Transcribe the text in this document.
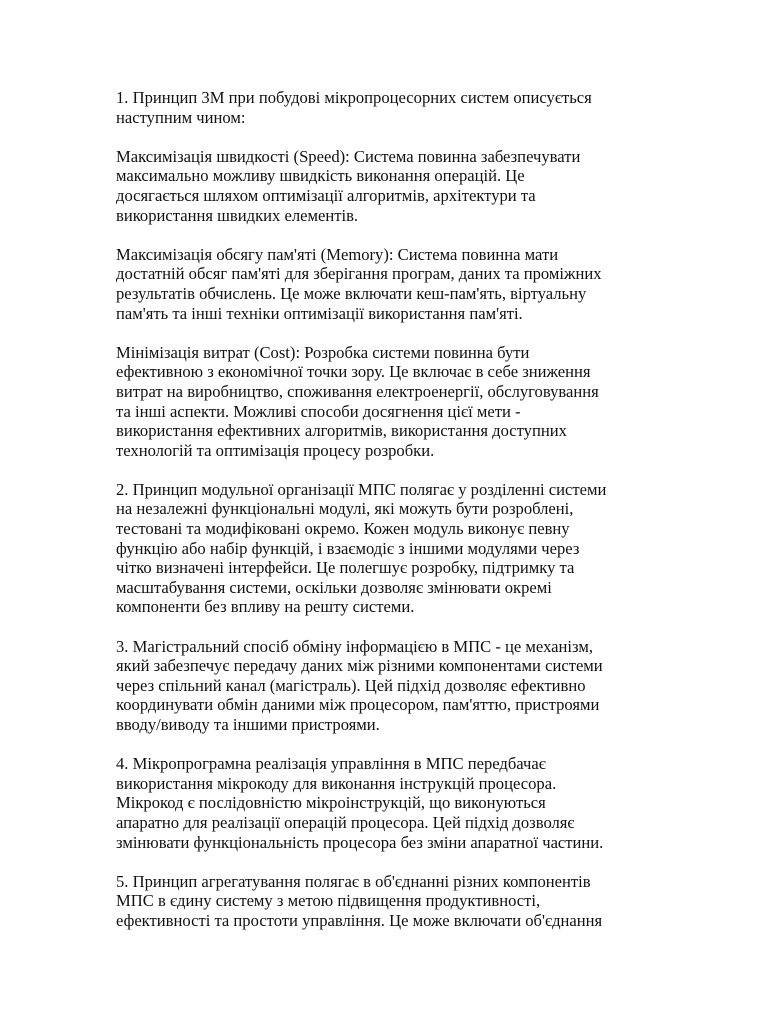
1. Принцип 3М при побудові мікропроцесорних систем описується
наступним чином:

Максимізація швидкості (Speed): Система повинна забезпечувати
максимально можливу швидкість виконання операцій. Це
досягається шляхом оптимізації алгоритмів, архітектури та
використання швидких елементів.

Максимізація обсягу пам'яті (Memory): Система повинна мати
достатній обсяг пам'яті для зберігання програм, даних та проміжних
результатів обчислень. Це може включати кеш-пам'ять, віртуальну
пам'ять та інші техніки оптимізації використання пам'яті.

Мінімізація витрат (Cost): Розробка системи повинна бути
ефективною з економічної точки зору. Це включає в себе зниження
витрат на виробництво, споживання електроенергії, обслуговування
та інші аспекти. Можливі способи досягнення цієї мети -
використання ефективних алгоритмів, використання доступних
технологій та оптимізація процесу розробки.

2. Принцип модульної організації МПС полягає у розділенні системи
на незалежні функціональні модулі, які можуть бути розроблені,
тестовані та модифіковані окремо. Кожен модуль виконує певну
функцію або набір функцій, і взаємодіє з іншими модулями через
чітко визначені інтерфейси. Це полегшує розробку, підтримку та
масштабування системи, оскільки дозволяє змінювати окремі
компоненти без впливу на решту системи.

3. Магістральний спосіб обміну інформацією в МПС - це механізм,
який забезпечує передачу даних між різними компонентами системи
через спільний канал (магістраль). Цей підхід дозволяє ефективно
координувати обмін даними між процесором, пам'яттю, пристроями
вводу/виводу та іншими пристроями.

4. Мікропрограмна реалізація управління в МПС передбачає
використання мікрокоду для виконання інструкцій процесора.
Мікрокод є послідовністю мікроінструкцій, що виконуються
апаратно для реалізації операцій процесора. Цей підхід дозволяє
змінювати функціональність процесора без зміни апаратної частини.

5. Принцип агрегатування полягає в об'єднанні різних компонентів
МПС в єдину систему з метою підвищення продуктивності,
ефективності та простоти управління. Це може включати об'єднання
